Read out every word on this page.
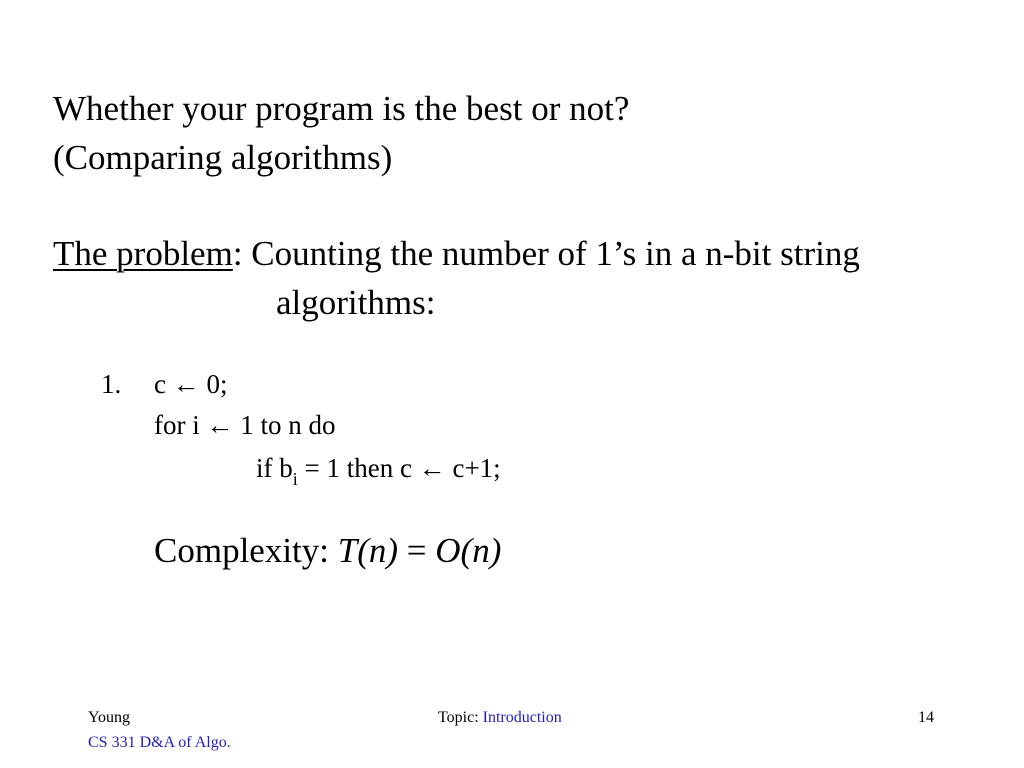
Whether your program is the best or not?
(Comparing algorithms)
The problem: Counting the number of 1’s in a n-bit string
algorithms:
1. c ← 0;
for i ← 1 to n do
if $b_i = 1$ then c ← c+1;
Complexity: T(n) = O(n)
Young
CS 331 D&A of Algo.
Topic: Introduction	14
